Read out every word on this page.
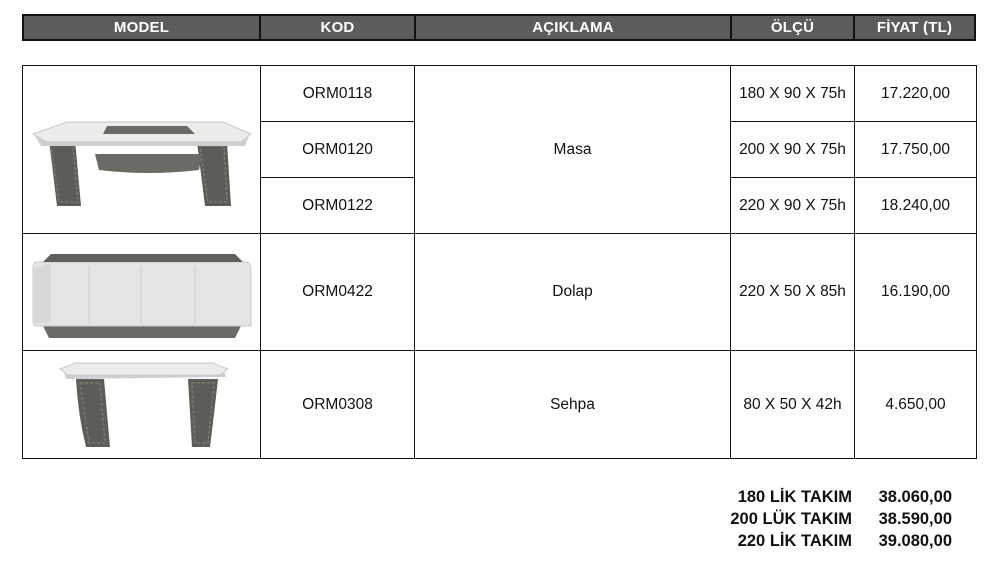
MODEL	KOD	AÇIKLAMA	ÖLÇÜ	FİYAT (TL)
	ORM0118	Masa	180 X 90 X 75h	17.220,00
	ORM0120		200 X 90 X 75h	17.750,00
	ORM0122		220 X 90 X 75h	18.240,00

	ORM0422	Dolap	220 X 50 X 85h	16.190,00

	ORM0308	Sehpa	80 X 50 X 42h	4.650,00
180 LİK TAKIM	38.060,00
200 LÜK TAKIM	38.590,00
220 LİK TAKIM	39.080,00
